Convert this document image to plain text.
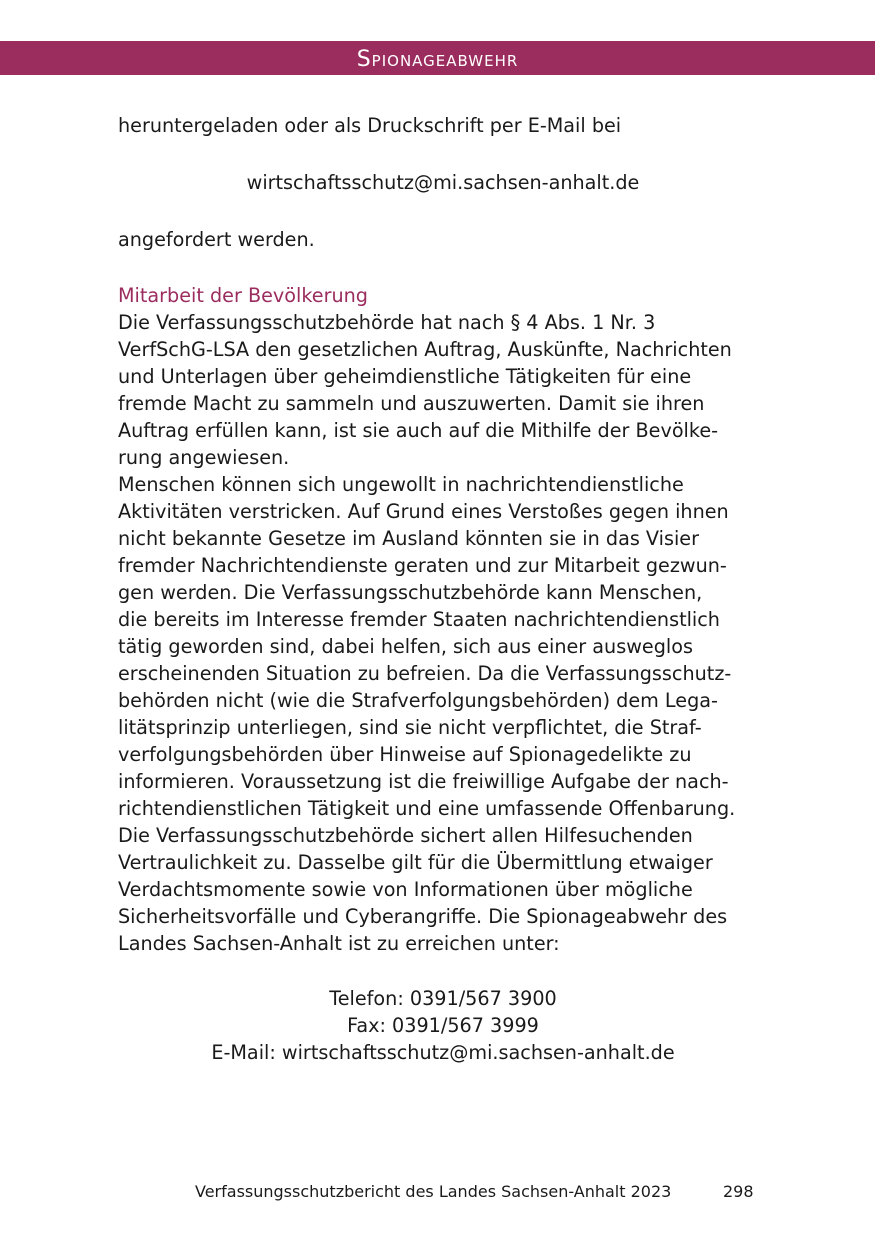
Spionageabwehr

heruntergeladen oder als Druckschrift per E-Mail bei

wirtschaftsschutz@mi.sachsen-anhalt.de

angefordert werden.

Mitarbeit der Bevölkerung

Die Verfassungsschutzbehörde hat nach § 4 Abs. 1 Nr. 3
VerfSchG-LSA den gesetzlichen Auftrag, Auskünfte, Nachrichten
und Unterlagen über geheimdienstliche Tätigkeiten für eine
fremde Macht zu sammeln und auszuwerten. Damit sie ihren
Auftrag erfüllen kann, ist sie auch auf die Mithilfe der Bevölke-
rung angewiesen.
Menschen können sich ungewollt in nachrichtendienstliche
Aktivitäten verstricken. Auf Grund eines Verstoßes gegen ihnen
nicht bekannte Gesetze im Ausland könnten sie in das Visier
fremder Nachrichtendienste geraten und zur Mitarbeit gezwun-
gen werden. Die Verfassungsschutzbehörde kann Menschen,
die bereits im Interesse fremder Staaten nachrichtendienstlich
tätig geworden sind, dabei helfen, sich aus einer ausweglos
erscheinenden Situation zu befreien. Da die Verfassungsschutz-
behörden nicht (wie die Strafverfolgungsbehörden) dem Lega-
litätsprinzip unterliegen, sind sie nicht verpflichtet, die Straf-
verfolgungsbehörden über Hinweise auf Spionagedelikte zu
informieren. Voraussetzung ist die freiwillige Aufgabe der nach-
richtendienstlichen Tätigkeit und eine umfassende Offenbarung.
Die Verfassungsschutzbehörde sichert allen Hilfesuchenden
Vertraulichkeit zu. Dasselbe gilt für die Übermittlung etwaiger
Verdachtsmomente sowie von Informationen über mögliche
Sicherheitsvorfälle und Cyberangriffe. Die Spionageabwehr des
Landes Sachsen-Anhalt ist zu erreichen unter:
Telefon: 0391/567 3900
Fax: 0391/567 3999
E-Mail: wirtschaftsschutz@mi.sachsen-anhalt.de
Verfassungsschutzbericht des Landes Sachsen-Anhalt 2023	298
